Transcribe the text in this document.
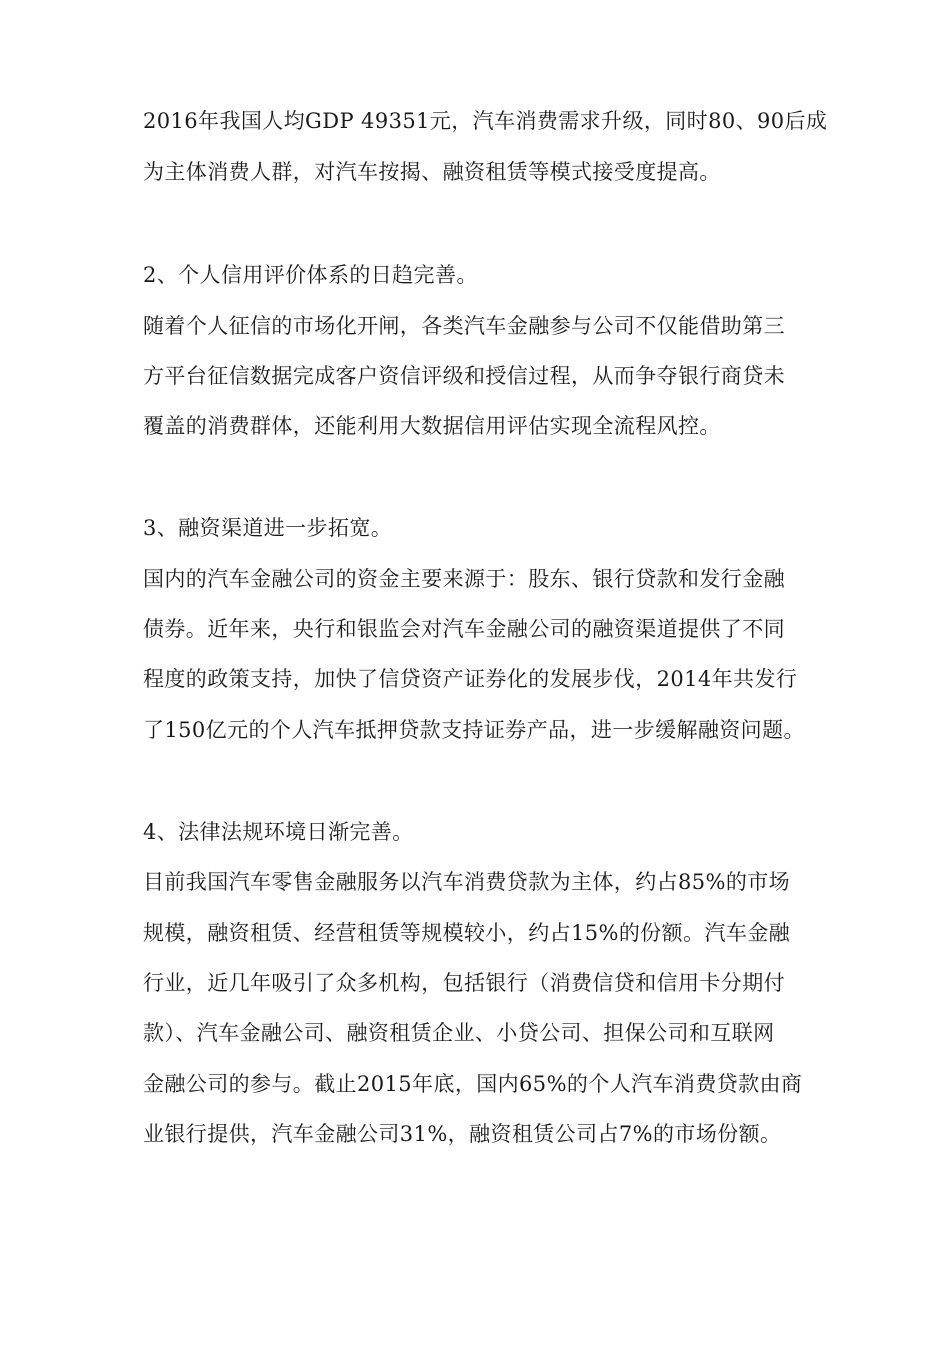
2016年我国人均GDP 49351元，汽车消费需求升级，同时80、90后成

为主体消费人群，对汽车按揭、融资租赁等模式接受度提高。

2、个人信用评价体系的日趋完善。

随着个人征信的市场化开闸，各类汽车金融参与公司不仅能借助第三

方平台征信数据完成客户资信评级和授信过程，从而争夺银行商贷未

覆盖的消费群体，还能利用大数据信用评估实现全流程风控。

3、融资渠道进一步拓宽。

国内的汽车金融公司的资金主要来源于：股东、银行贷款和发行金融

债券。近年来，央行和银监会对汽车金融公司的融资渠道提供了不同

程度的政策支持，加快了信贷资产证券化的发展步伐，2014年共发行

了150亿元的个人汽车抵押贷款支持证券产品，进一步缓解融资问题。

4、法律法规环境日渐完善。

目前我国汽车零售金融服务以汽车消费贷款为主体，约占85%的市场

规模，融资租赁、经营租赁等规模较小，约占15%的份额。汽车金融

行业，近几年吸引了众多机构，包括银行（消费信贷和信用卡分期付

款）、汽车金融公司、融资租赁企业、小贷公司、担保公司和互联网

金融公司的参与。截止2015年底，国内65%的个人汽车消费贷款由商

业银行提供，汽车金融公司31%，融资租赁公司占7%的市场份额。
